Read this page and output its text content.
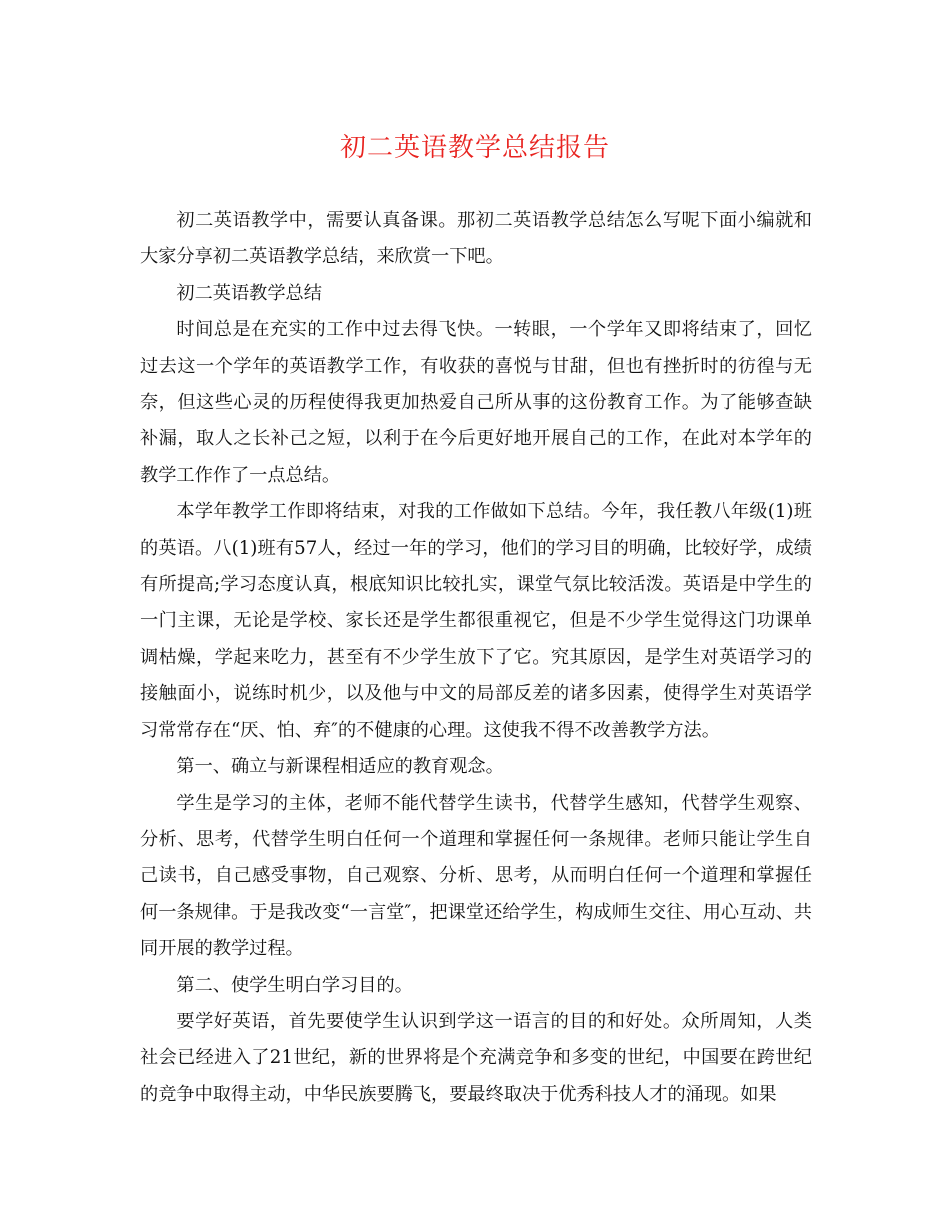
初二英语教学总结报告

初二英语教学中，需要认真备课。那初二英语教学总结怎么写呢下面小编就和大家分享初二英语教学总结，来欣赏一下吧。

初二英语教学总结

时间总是在充实的工作中过去得飞快。一转眼，一个学年又即将结束了，回忆过去这一个学年的英语教学工作，有收获的喜悦与甘甜，但也有挫折时的彷徨与无奈，但这些心灵的历程使得我更加热爱自己所从事的这份教育工作。为了能够查缺补漏，取人之长补己之短，以利于在今后更好地开展自己的工作，在此对本学年的教学工作作了一点总结。

本学年教学工作即将结束，对我的工作做如下总结。今年，我任教八年级(1)班的英语。八(1)班有57人，经过一年的学习，他们的学习目的明确，比较好学，成绩有所提高;学习态度认真，根底知识比较扎实，课堂气氛比较活泼。英语是中学生的一门主课，无论是学校、家长还是学生都很重视它，但是不少学生觉得这门功课单调枯燥，学起来吃力，甚至有不少学生放下了它。究其原因，是学生对英语学习的接触面小，说练时机少，以及他与中文的局部反差的诸多因素，使得学生对英语学习常常存在“厌、怕、弃″的不健康的心理。这使我不得不改善教学方法。

第一、确立与新课程相适应的教育观念。

学生是学习的主体，老师不能代替学生读书，代替学生感知，代替学生观察、分析、思考，代替学生明白任何一个道理和掌握任何一条规律。老师只能让学生自己读书，自己感受事物，自己观察、分析、思考，从而明白任何一个道理和掌握任何一条规律。于是我改变“一言堂″，把课堂还给学生，构成师生交往、用心互动、共同开展的教学过程。

第二、使学生明白学习目的。

要学好英语，首先要使学生认识到学这一语言的目的和好处。众所周知，人类社会已经进入了21世纪，新的世界将是个充满竞争和多变的世纪，中国要在跨世纪的竞争中取得主动，中华民族要腾飞，要最终取决于优秀科技人才的涌现。如果
